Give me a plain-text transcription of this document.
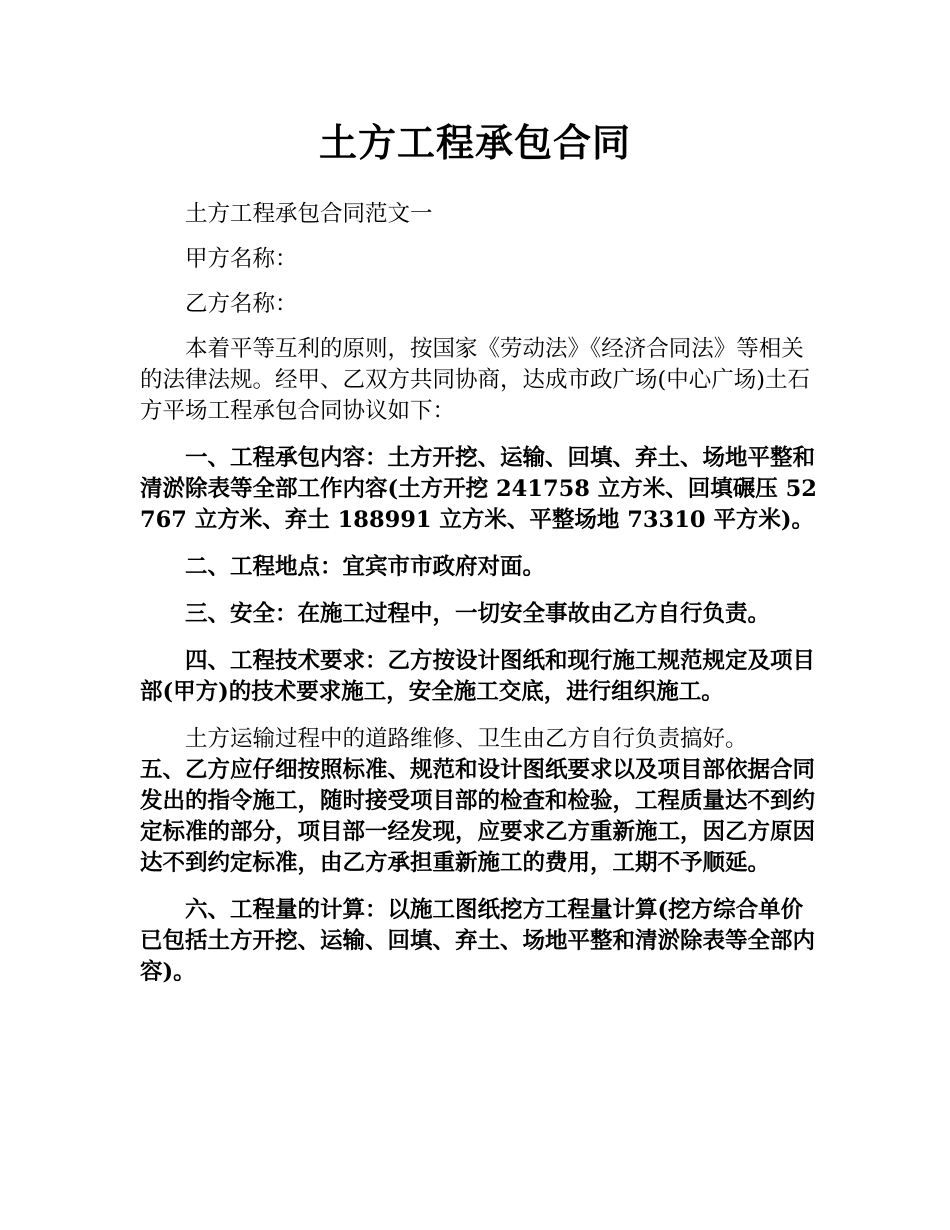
土方工程承包合同

土方工程承包合同范文一

甲方名称：

乙方名称：

本着平等互利的原则，按国家《劳动法》《经济合同法》等相关的法律法规。经甲、乙双方共同协商，达成市政广场(中心广场)土石方平场工程承包合同协议如下：

一、工程承包内容：土方开挖、运输、回填、弃土、场地平整和清淤除表等全部工作内容(土方开挖 241758 立方米、回填碾压 52767 立方米、弃土 188991 立方米、平整场地 73310 平方米)。

二、工程地点：宜宾市市政府对面。

三、安全：在施工过程中，一切安全事故由乙方自行负责。

四、工程技术要求：乙方按设计图纸和现行施工规范规定及项目部(甲方)的技术要求施工，安全施工交底，进行组织施工。

土方运输过程中的道路维修、卫生由乙方自行负责搞好。

五、乙方应仔细按照标准、规范和设计图纸要求以及项目部依据合同发出的指令施工，随时接受项目部的检查和检验，工程质量达不到约定标准的部分，项目部一经发现，应要求乙方重新施工，因乙方原因达不到约定标准，由乙方承担重新施工的费用，工期不予顺延。

六、工程量的计算：以施工图纸挖方工程量计算(挖方综合单价已包括土方开挖、运输、回填、弃土、场地平整和清淤除表等全部内容)。
